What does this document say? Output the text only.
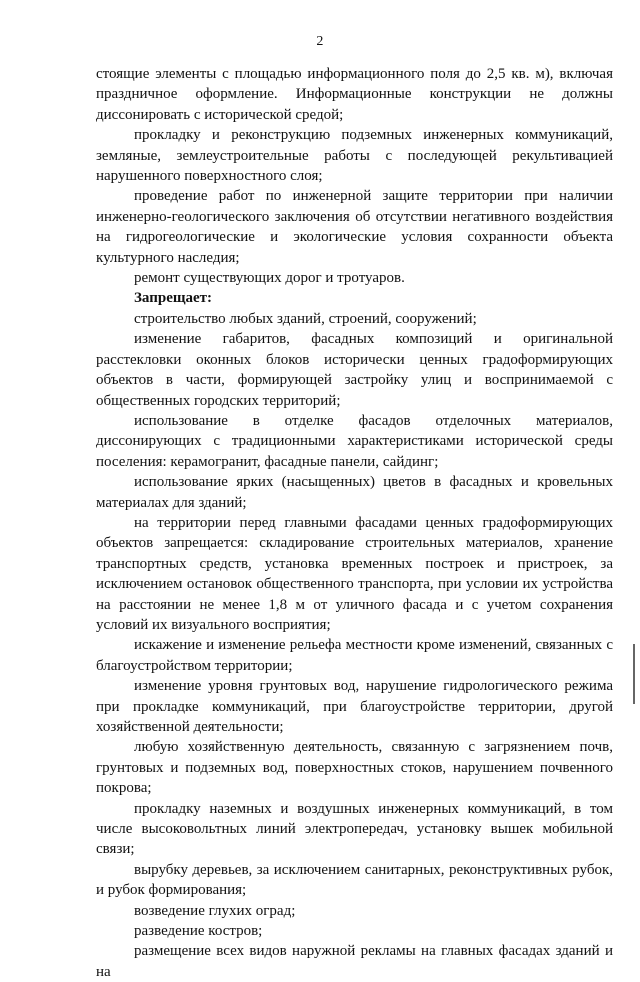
2

стоящие элементы с площадью информационного поля до 2,5 кв. м), включая праздничное оформление. Информационные конструкции не должны диссонировать с исторической средой;

прокладку и реконструкцию подземных инженерных коммуникаций, земляные, землеустроительные работы с последующей рекультивацией нарушенного поверхностного слоя;

проведение работ по инженерной защите территории при наличии инженерно-геологического заключения об отсутствии негативного воздействия на гидрогеологические и экологические условия сохранности объекта культурного наследия;

ремонт существующих дорог и тротуаров.

Запрещает:

строительство любых зданий, строений, сооружений;

изменение габаритов, фасадных композиций и оригинальной расстекловки оконных блоков исторически ценных градоформирующих объектов в части, формирующей застройку улиц и воспринимаемой с общественных городских территорий;

использование в отделке фасадов отделочных материалов, диссонирующих с традиционными характеристиками исторической среды поселения: керамогранит, фасадные панели, сайдинг;

использование ярких (насыщенных) цветов в фасадных и кровельных материалах для зданий;

на территории перед главными фасадами ценных градоформирующих объектов запрещается: складирование строительных материалов, хранение транспортных средств, установка временных построек и пристроек, за исключением остановок общественного транспорта, при условии их устройства на расстоянии не менее 1,8 м от уличного фасада и с учетом сохранения условий их визуального восприятия;

искажение и изменение рельефа местности кроме изменений, связанных с благоустройством территории;

изменение уровня грунтовых вод, нарушение гидрологического режима при прокладке коммуникаций, при благоустройстве территории, другой хозяйственной деятельности;

любую хозяйственную деятельность, связанную с загрязнением почв, грунтовых и подземных вод, поверхностных стоков, нарушением почвенного покрова;

прокладку наземных и воздушных инженерных коммуникаций, в том числе высоковольтных линий электропередач, установку вышек мобильной связи;

вырубку деревьев, за исключением санитарных, реконструктивных рубок, и рубок формирования;

возведение глухих оград;

разведение костров;

размещение всех видов наружной рекламы на главных фасадах зданий и на
